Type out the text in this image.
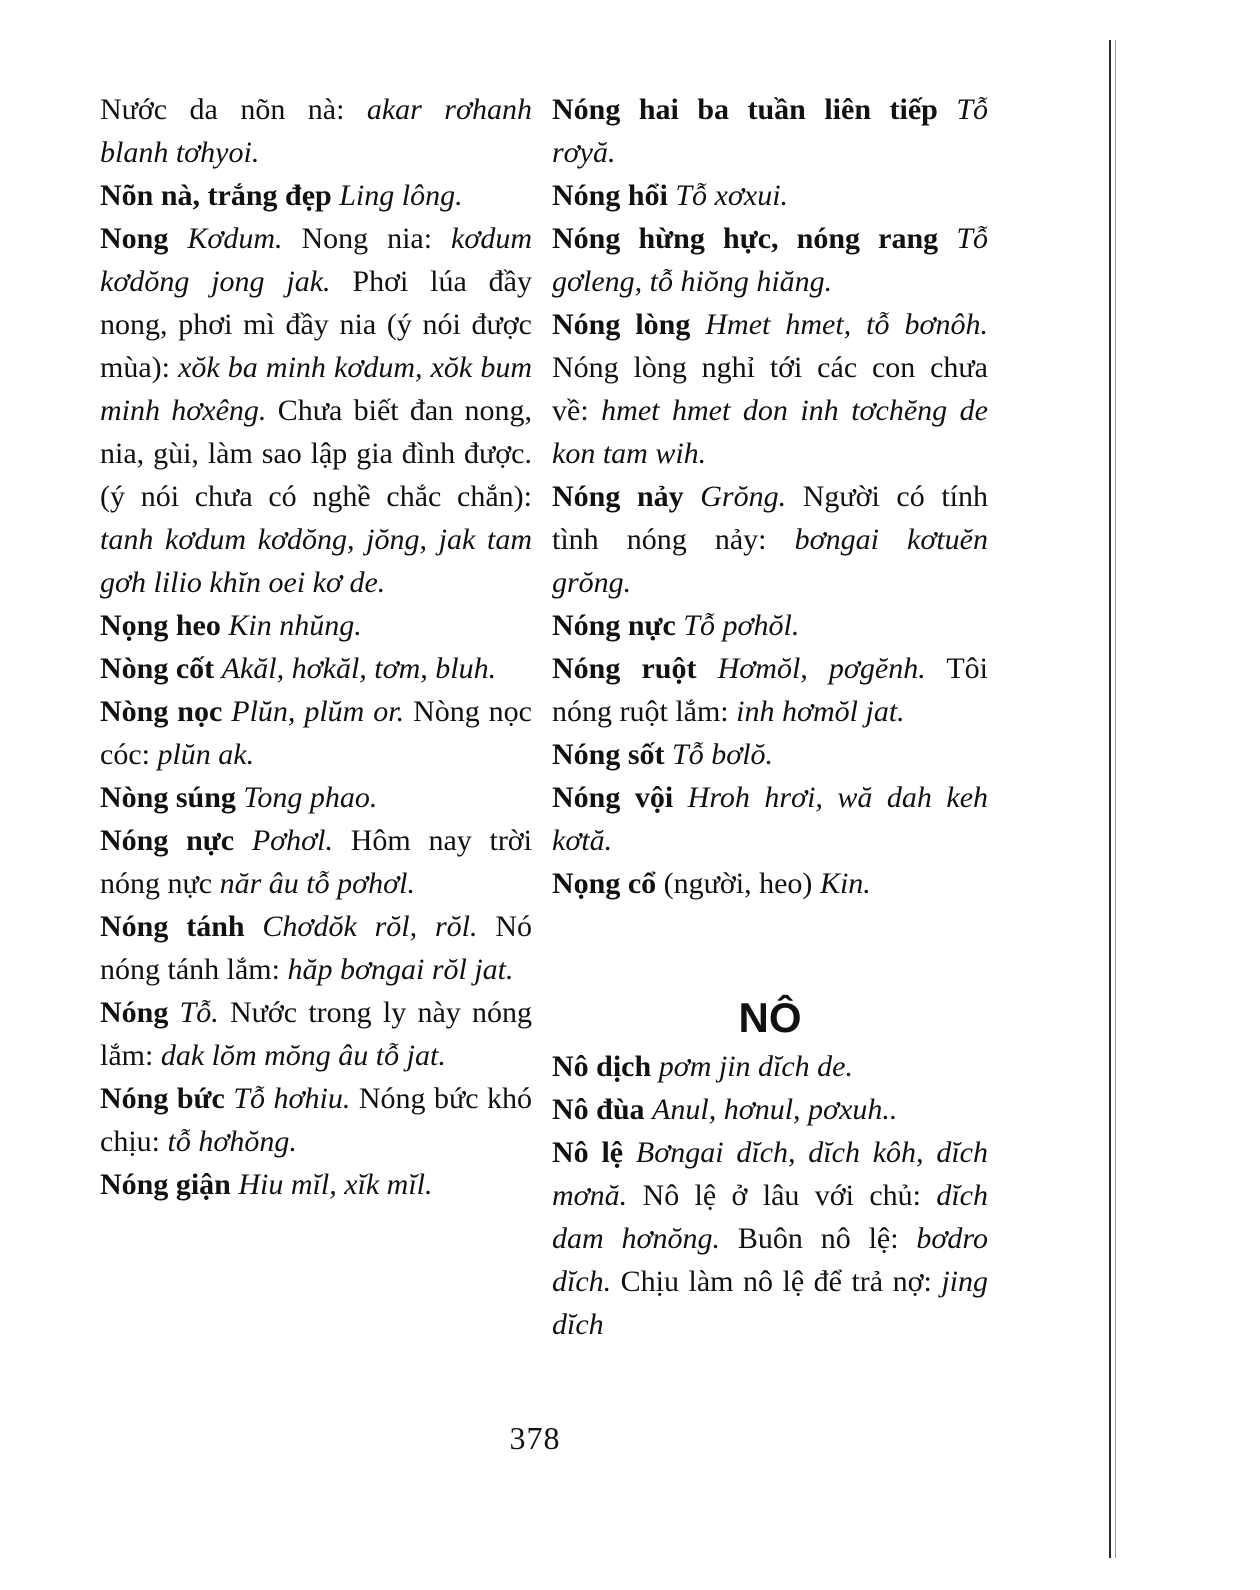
Nước da nõn nà: akar rơhanh blanh tơhyoi.

Nõn nà, trắng đẹp Ling lông.

Nong Kơdum. Nong nia: kơdum kơdŏng jong jak. Phơi lúa đầy nong, phơi mì đầy nia (ý nói được mùa): xŏk ba minh kơdum, xŏk bum minh hơxêng. Chưa biết đan nong, nia, gùi, làm sao lập gia đình được.(ý nói chưa có nghề chắc chắn): tanh kơdum kơdŏng, jŏng, jak tam gơh lilio khĭn oei kơ de.

Nọng heo Kin nhŭng.

Nòng cốt Akăl, hơkăl, tơm, bluh.

Nòng nọc Plŭn, plŭm or. Nòng nọc cóc: plŭn ak.

Nòng súng Tong phao.

Nóng nực Pơhơl. Hôm nay trời nóng nực năr âu tỗ pơhơl.

Nóng tánh Chơdŏk rŏl, rŏl. Nó nóng tánh lắm: hăp bơngai rŏl jat.

Nóng Tỗ. Nước trong ly này nóng lắm: dak lŏm mŏng âu tỗ jat.

Nóng bức Tỗ hơhiu. Nóng bức khó chịu: tỗ hơhŏng.

Nóng giận Hiu mĭl, xĭk mĭl.

Nóng hai ba tuần liên tiếp Tỗ rơyă.

Nóng hổi Tỗ xơxui.

Nóng hừng hực, nóng rang Tỗ gơleng, tỗ hiŏng hiăng.

Nóng lòng Hmet hmet, tỗ bơnôh. Nóng lòng nghỉ tới các con chưa về: hmet hmet don inh tơchĕng de kon tam wih.

Nóng nảy Grŏng. Người có tính tình nóng nảy: bơngai kơtuĕn grŏng.

Nóng nực Tỗ pơhŏl.

Nóng ruột Hơmŏl, pơgĕnh. Tôi nóng ruột lắm: inh hơmŏl jat.

Nóng sốt Tỗ bơlŏ.

Nóng vội Hroh hrơi, wă dah keh kơtă.

Nọng cổ (người, heo) Kin.

NÔ

Nô dịch pơm jin dĭch de.

Nô đùa Anul, hơnul, pơxuh..

Nô lệ Bơngai dĭch, dĭch kôh, dĭch mơnă. Nô lệ ở lâu với chủ: dĭch dam hơnŏng. Buôn nô lệ: bơdro dĭch. Chịu làm nô lệ để trả nợ: jing dĭch

378
